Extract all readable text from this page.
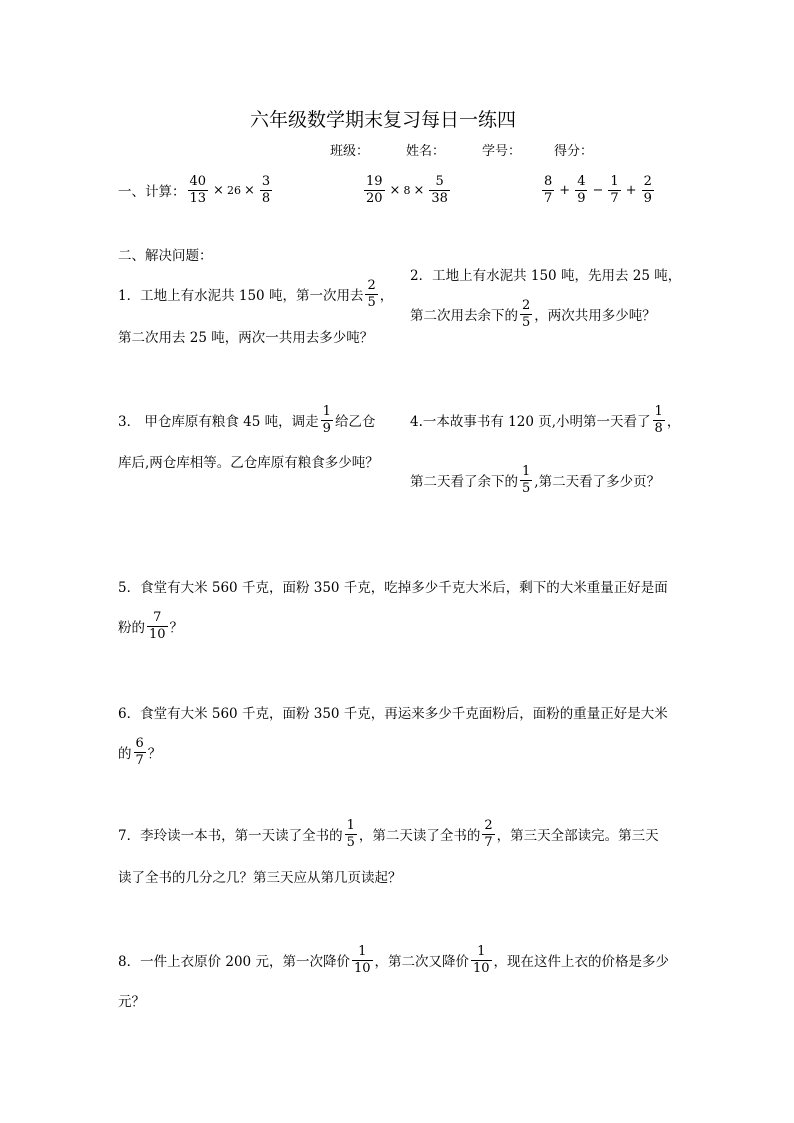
六年级数学期末复习每日一练四
班级：	姓名：	学号：	得分：
一、计算： $\frac{40}{13} \times 26 \times \frac{3}{8}$	$\frac{19}{20} \times 8 \times \frac{5}{38}$	$\frac{8}{7} + \frac{4}{9} - \frac{1}{7} + \frac{2}{9}$
二、解决问题：
1．工地上有水泥共 150 吨，第一次用去 $\frac{2}{5}$ ，
第二次用去 25 吨，两次一共用去多少吨？
2．工地上有水泥共 150 吨，先用去 25 吨，
第二次用去余下的 $\frac{2}{5}$ ，两次共用多少吨？
3． 甲仓库原有粮食 45 吨，调走 $\frac{1}{9}$ 给乙仓
库后,两仓库相等。乙仓库原有粮食多少吨？
4.一本故事书有 120 页,小明第一天看了 $\frac{1}{8}$ ，
第二天看了余下的 $\frac{1}{5}$ ,第二天看了多少页？
5．食堂有大米 560 千克，面粉 350 千克，吃掉多少千克大米后，剩下的大米重量正好是面
粉的 $\frac{7}{10}$ ？
6．食堂有大米 560 千克，面粉 350 千克，再运来多少千克面粉后，面粉的重量正好是大米
的 $\frac{6}{7}$ ？
7．李玲读一本书，第一天读了全书的 $\frac{1}{5}$ ，第二天读了全书的 $\frac{2}{7}$ ，第三天全部读完。第三天
读了全书的几分之几？第三天应从第几页读起？
8．一件上衣原价 200 元，第一次降价 $\frac{1}{10}$ ，第二次又降价 $\frac{1}{10}$ ，现在这件上衣的价格是多少
元？
